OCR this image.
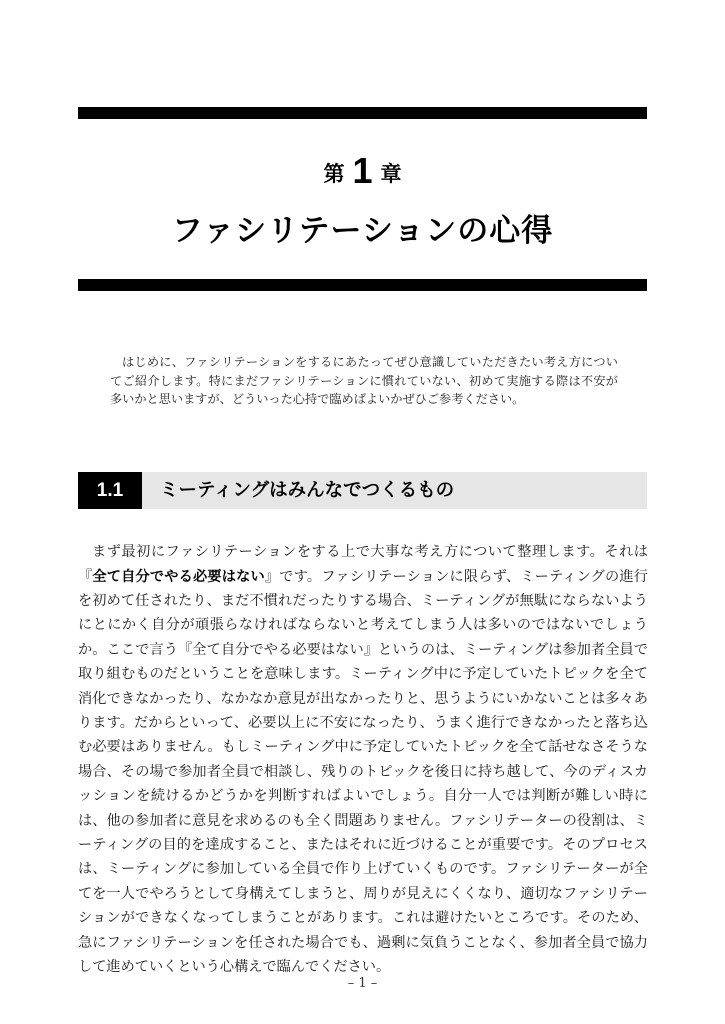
第 1 章
ファシリテーションの心得

はじめに、ファシリテーションをするにあたってぜひ意識していただきたい考え方についてご紹介します。特にまだファシリテーションに慣れていない、初めて実施する際は不安が多いかと思いますが、どういった心持で臨めばよいかぜひご参考ください。

1.1	ミーティングはみんなでつくるもの

まず最初にファシリテーションをする上で大事な考え方について整理します。それは『全て自分でやる必要はない』です。ファシリテーションに限らず、ミーティングの進行を初めて任されたり、まだ不慣れだったりする場合、ミーティングが無駄にならないようにとにかく自分が頑張らなければならないと考えてしまう人は多いのではないでしょうか。ここで言う『全て自分でやる必要はない』というのは、ミーティングは参加者全員で取り組むものだということを意味します。ミーティング中に予定していたトピックを全て消化できなかったり、なかなか意見が出なかったりと、思うようにいかないことは多々あります。だからといって、必要以上に不安になったり、うまく進行できなかったと落ち込む必要はありません。もしミーティング中に予定していたトピックを全て話せなさそうな場合、その場で参加者全員で相談し、残りのトピックを後日に持ち越して、今のディスカッションを続けるかどうかを判断すればよいでしょう。自分一人では判断が難しい時には、他の参加者に意見を求めるのも全く問題ありません。ファシリテーターの役割は、ミーティングの目的を達成すること、またはそれに近づけることが重要です。そのプロセスは、ミーティングに参加している全員で作り上げていくものです。ファシリテーターが全てを一人でやろうとして身構えてしまうと、周りが見えにくくなり、適切なファシリテーションができなくなってしまうことがあります。これは避けたいところです。そのため、急にファシリテーションを任された場合でも、過剰に気負うことなく、参加者全員で協力して進めていくという心構えで臨んでください。

– 1 –
